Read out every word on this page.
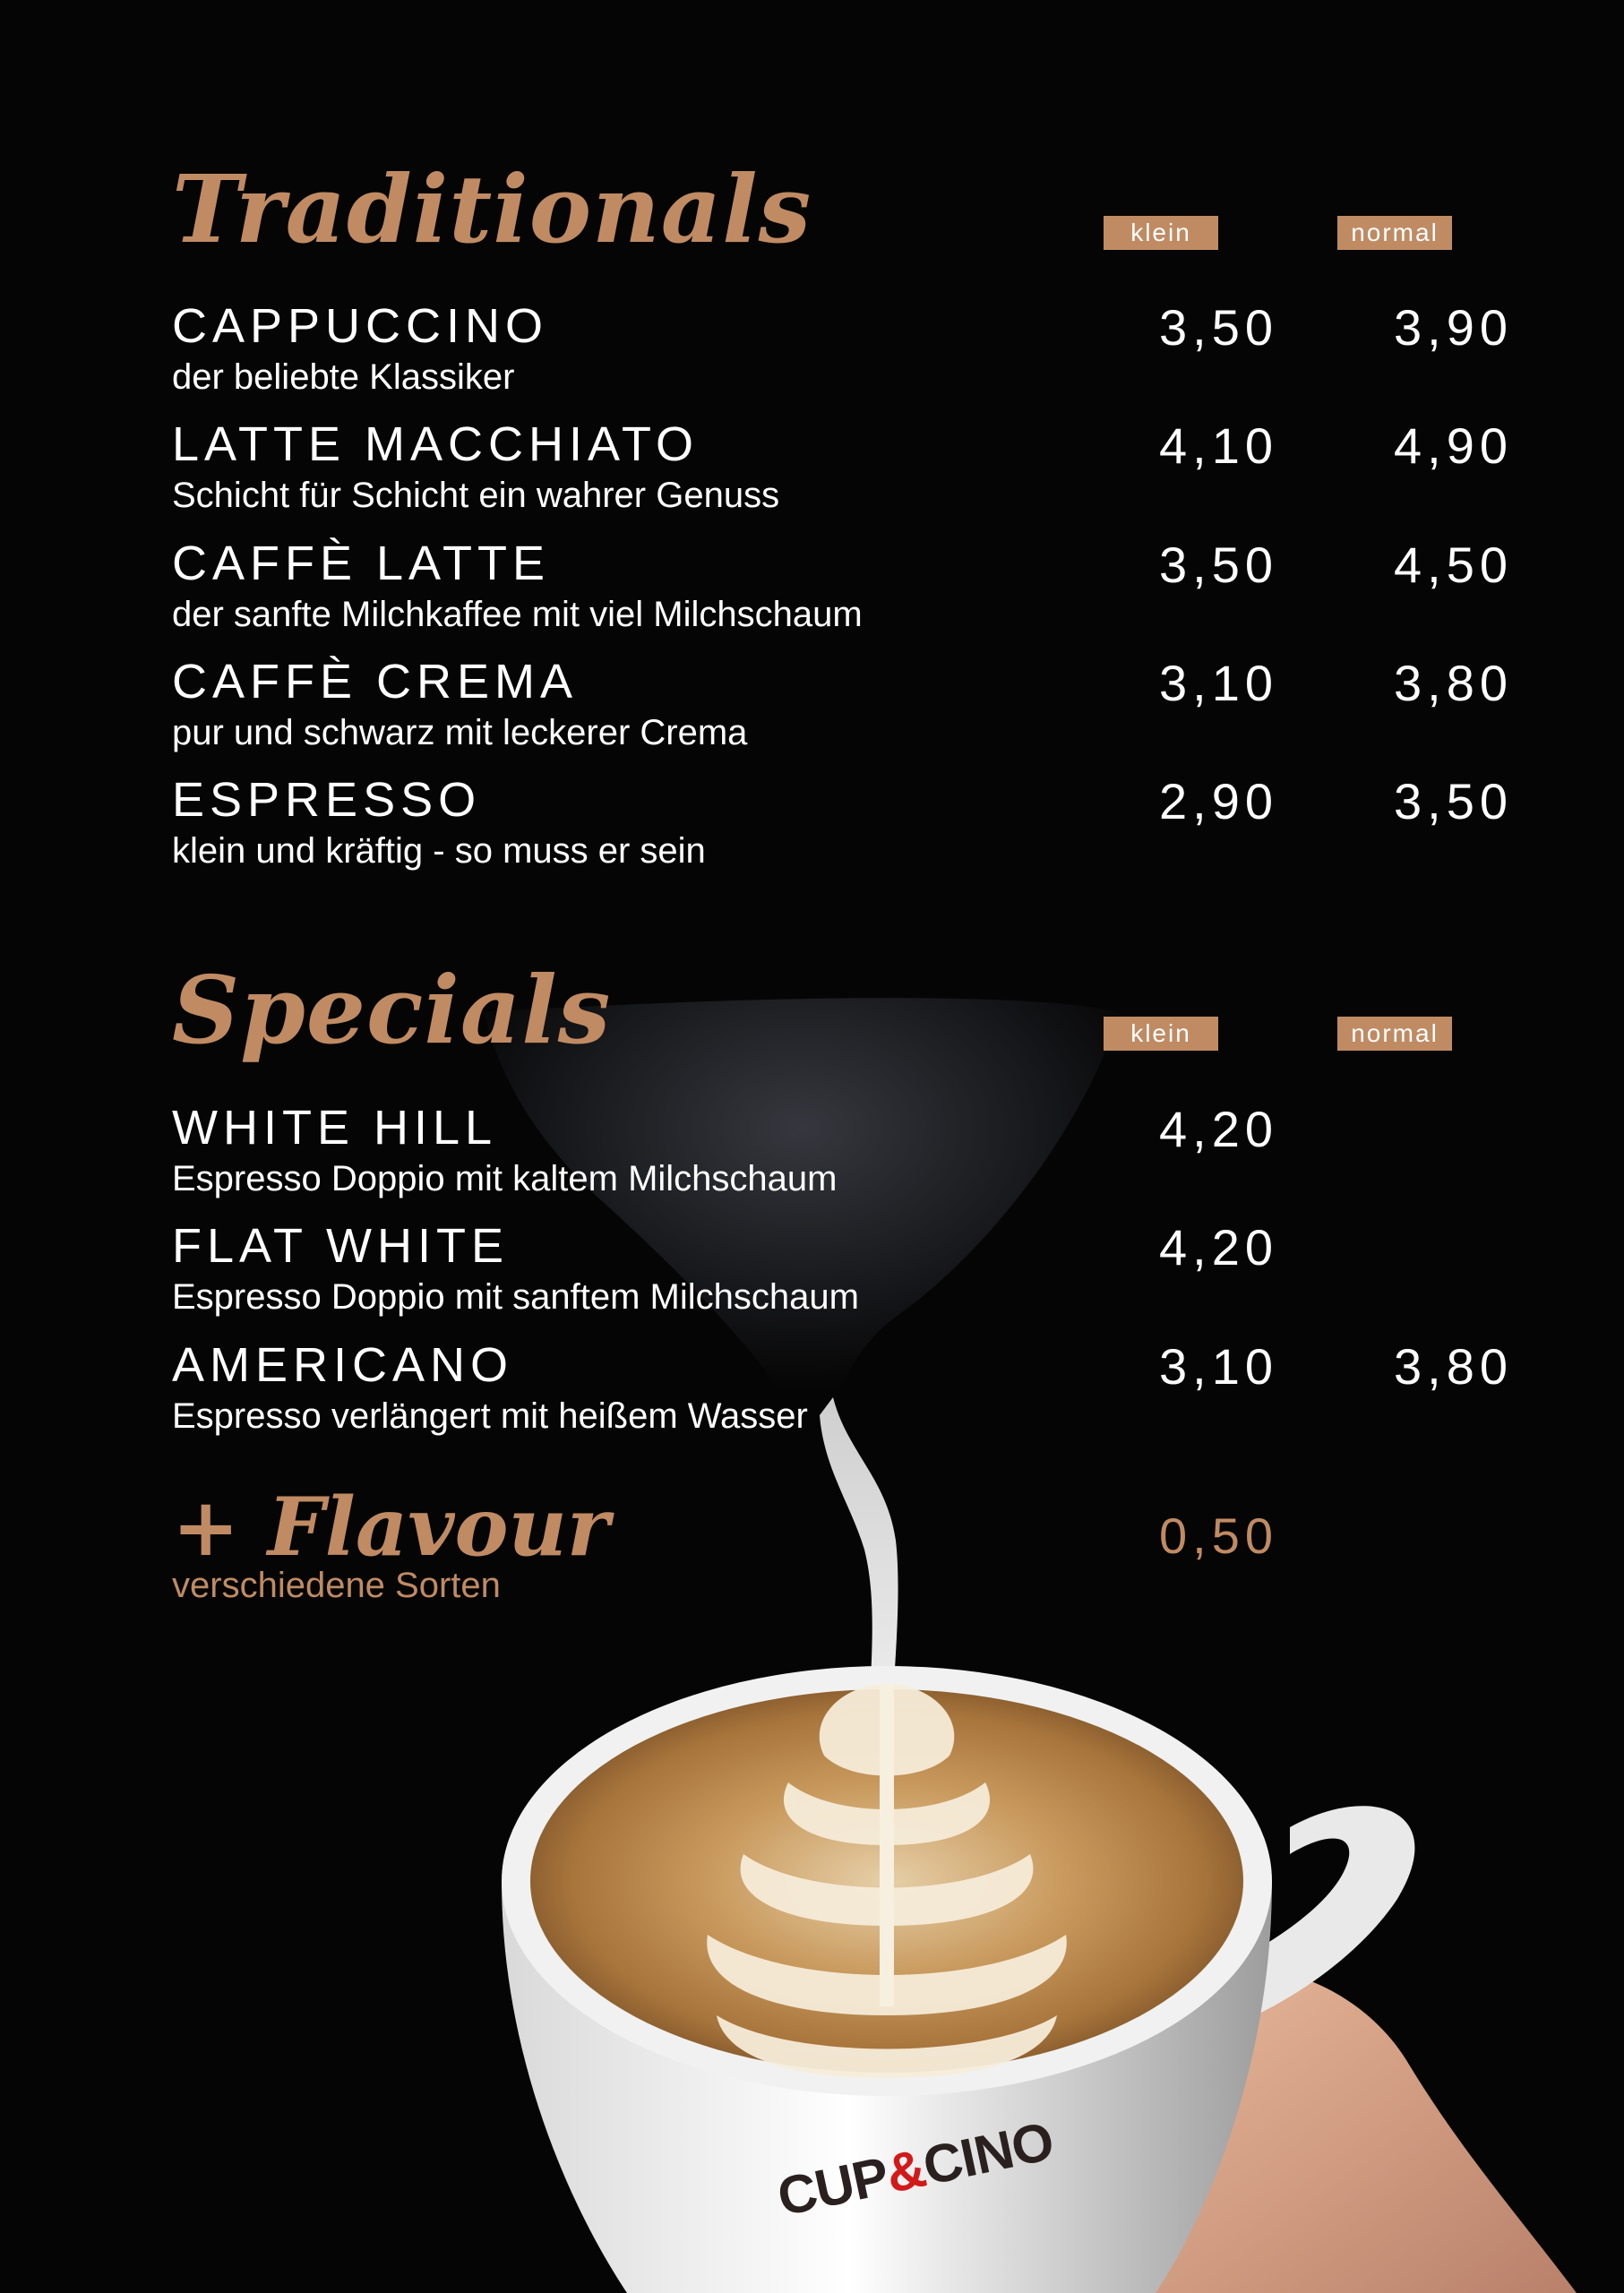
Traditionals	klein	normal
CAPPUCCINO
der beliebte Klassiker
3,50	3,90
LATTE MACCHIATO
Schicht für Schicht ein wahrer Genuss
4,10	4,90
CAFFÈ LATTE
der sanfte Milchkaffee mit viel Milchschaum
3,50	4,50
CAFFÈ CREMA
pur und schwarz mit leckerer Crema
3,10	3,80
ESPRESSO
klein und kräftig - so muss er sein
2,90	3,50
Specials	klein	normal
WHITE HILL
Espresso Doppio mit kaltem Milchschaum
4,20
FLAT WHITE
Espresso Doppio mit sanftem Milchschaum
4,20
AMERICANO
Espresso verlängert mit heißem Wasser
3,10	3,80
+ Flavour
verschiedene Sorten
0,50
CUP&CINO
